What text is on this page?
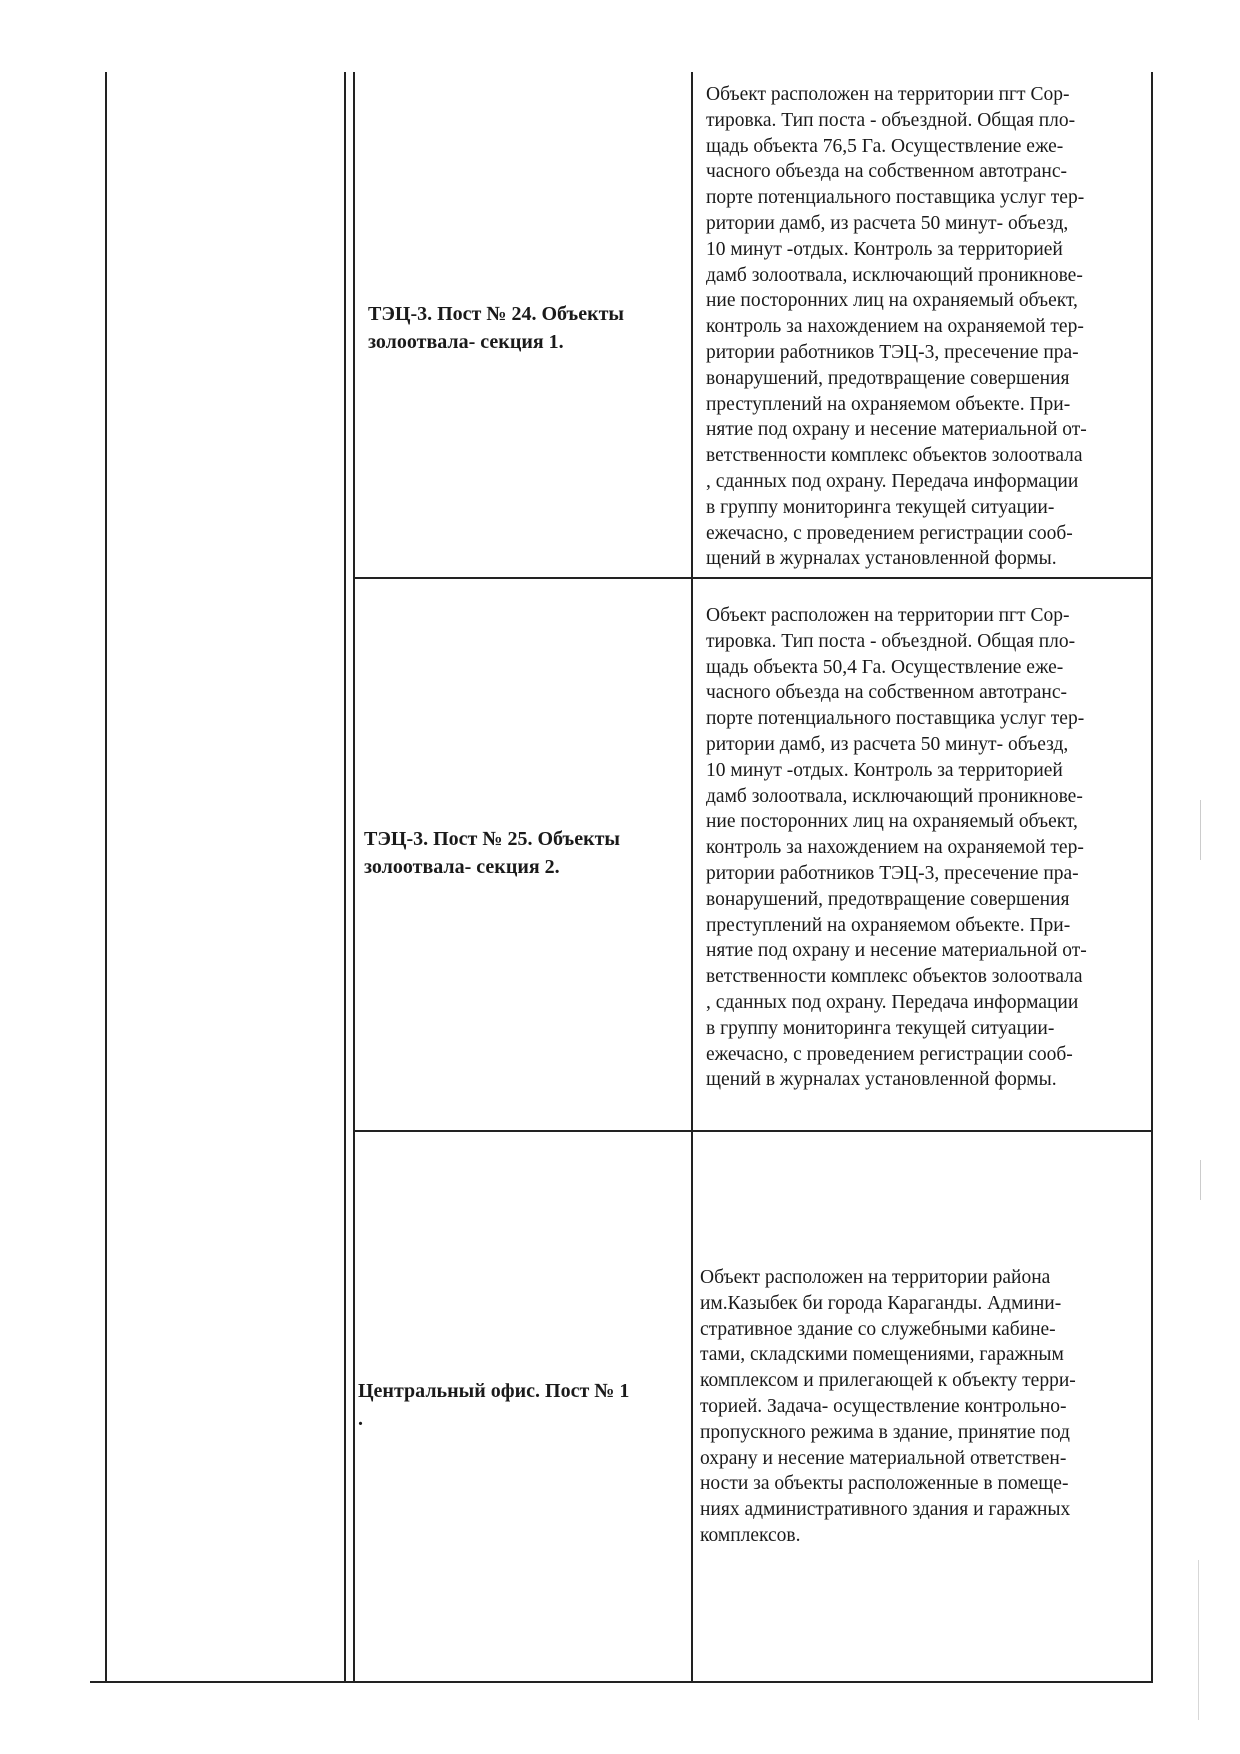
ТЭЦ-3. Пост № 24. Объекты
золоотвала- секция 1.
Объект расположен на территории пгт Сор-
тировка. Тип поста - объездной. Общая пло-
щадь объекта 76,5 Га. Осуществление еже-
часного объезда на собственном автотранс-
порте потенциального поставщика услуг тер-
ритории дамб, из расчета 50 минут- объезд,
10 минут -отдых. Контроль за территорией
дамб золоотвала, исключающий проникнове-
ние посторонних лиц на охраняемый объект,
контроль за нахождением на охраняемой тер-
ритории работников ТЭЦ-3, пресечение пра-
вонарушений, предотвращение совершения
преступлений на охраняемом объекте. При-
нятие под охрану и несение материальной от-
ветственности комплекс объектов золоотвала
, сданных под охрану. Передача информации
в группу мониторинга текущей ситуации-
ежечасно, с проведением регистрации сооб-
щений в журналах установленной формы.
ТЭЦ-3. Пост № 25. Объекты
золоотвала- секция 2.
Объект расположен на территории пгт Сор-
тировка. Тип поста - объездной. Общая пло-
щадь объекта 50,4 Га. Осуществление еже-
часного объезда на собственном автотранс-
порте потенциального поставщика услуг тер-
ритории дамб, из расчета 50 минут- объезд,
10 минут -отдых. Контроль за территорией
дамб золоотвала, исключающий проникнове-
ние посторонних лиц на охраняемый объект,
контроль за нахождением на охраняемой тер-
ритории работников ТЭЦ-3, пресечение пра-
вонарушений, предотвращение совершения
преступлений на охраняемом объекте. При-
нятие под охрану и несение материальной от-
ветственности комплекс объектов золоотвала
, сданных под охрану. Передача информации
в группу мониторинга текущей ситуации-
ежечасно, с проведением регистрации сооб-
щений в журналах установленной формы.
Центральный офис. Пост № 1
.
Объект расположен на территории района
им.Казыбек би города Караганды. Админи-
стративное здание со служебными кабине-
тами, складскими помещениями, гаражным
комплексом и прилегающей к объекту терри-
торией. Задача- осуществление контрольно-
пропускного режима в здание, принятие под
охрану и несение материальной ответствен-
ности за объекты расположенные в помеще-
ниях административного здания и гаражных
комплексов.
